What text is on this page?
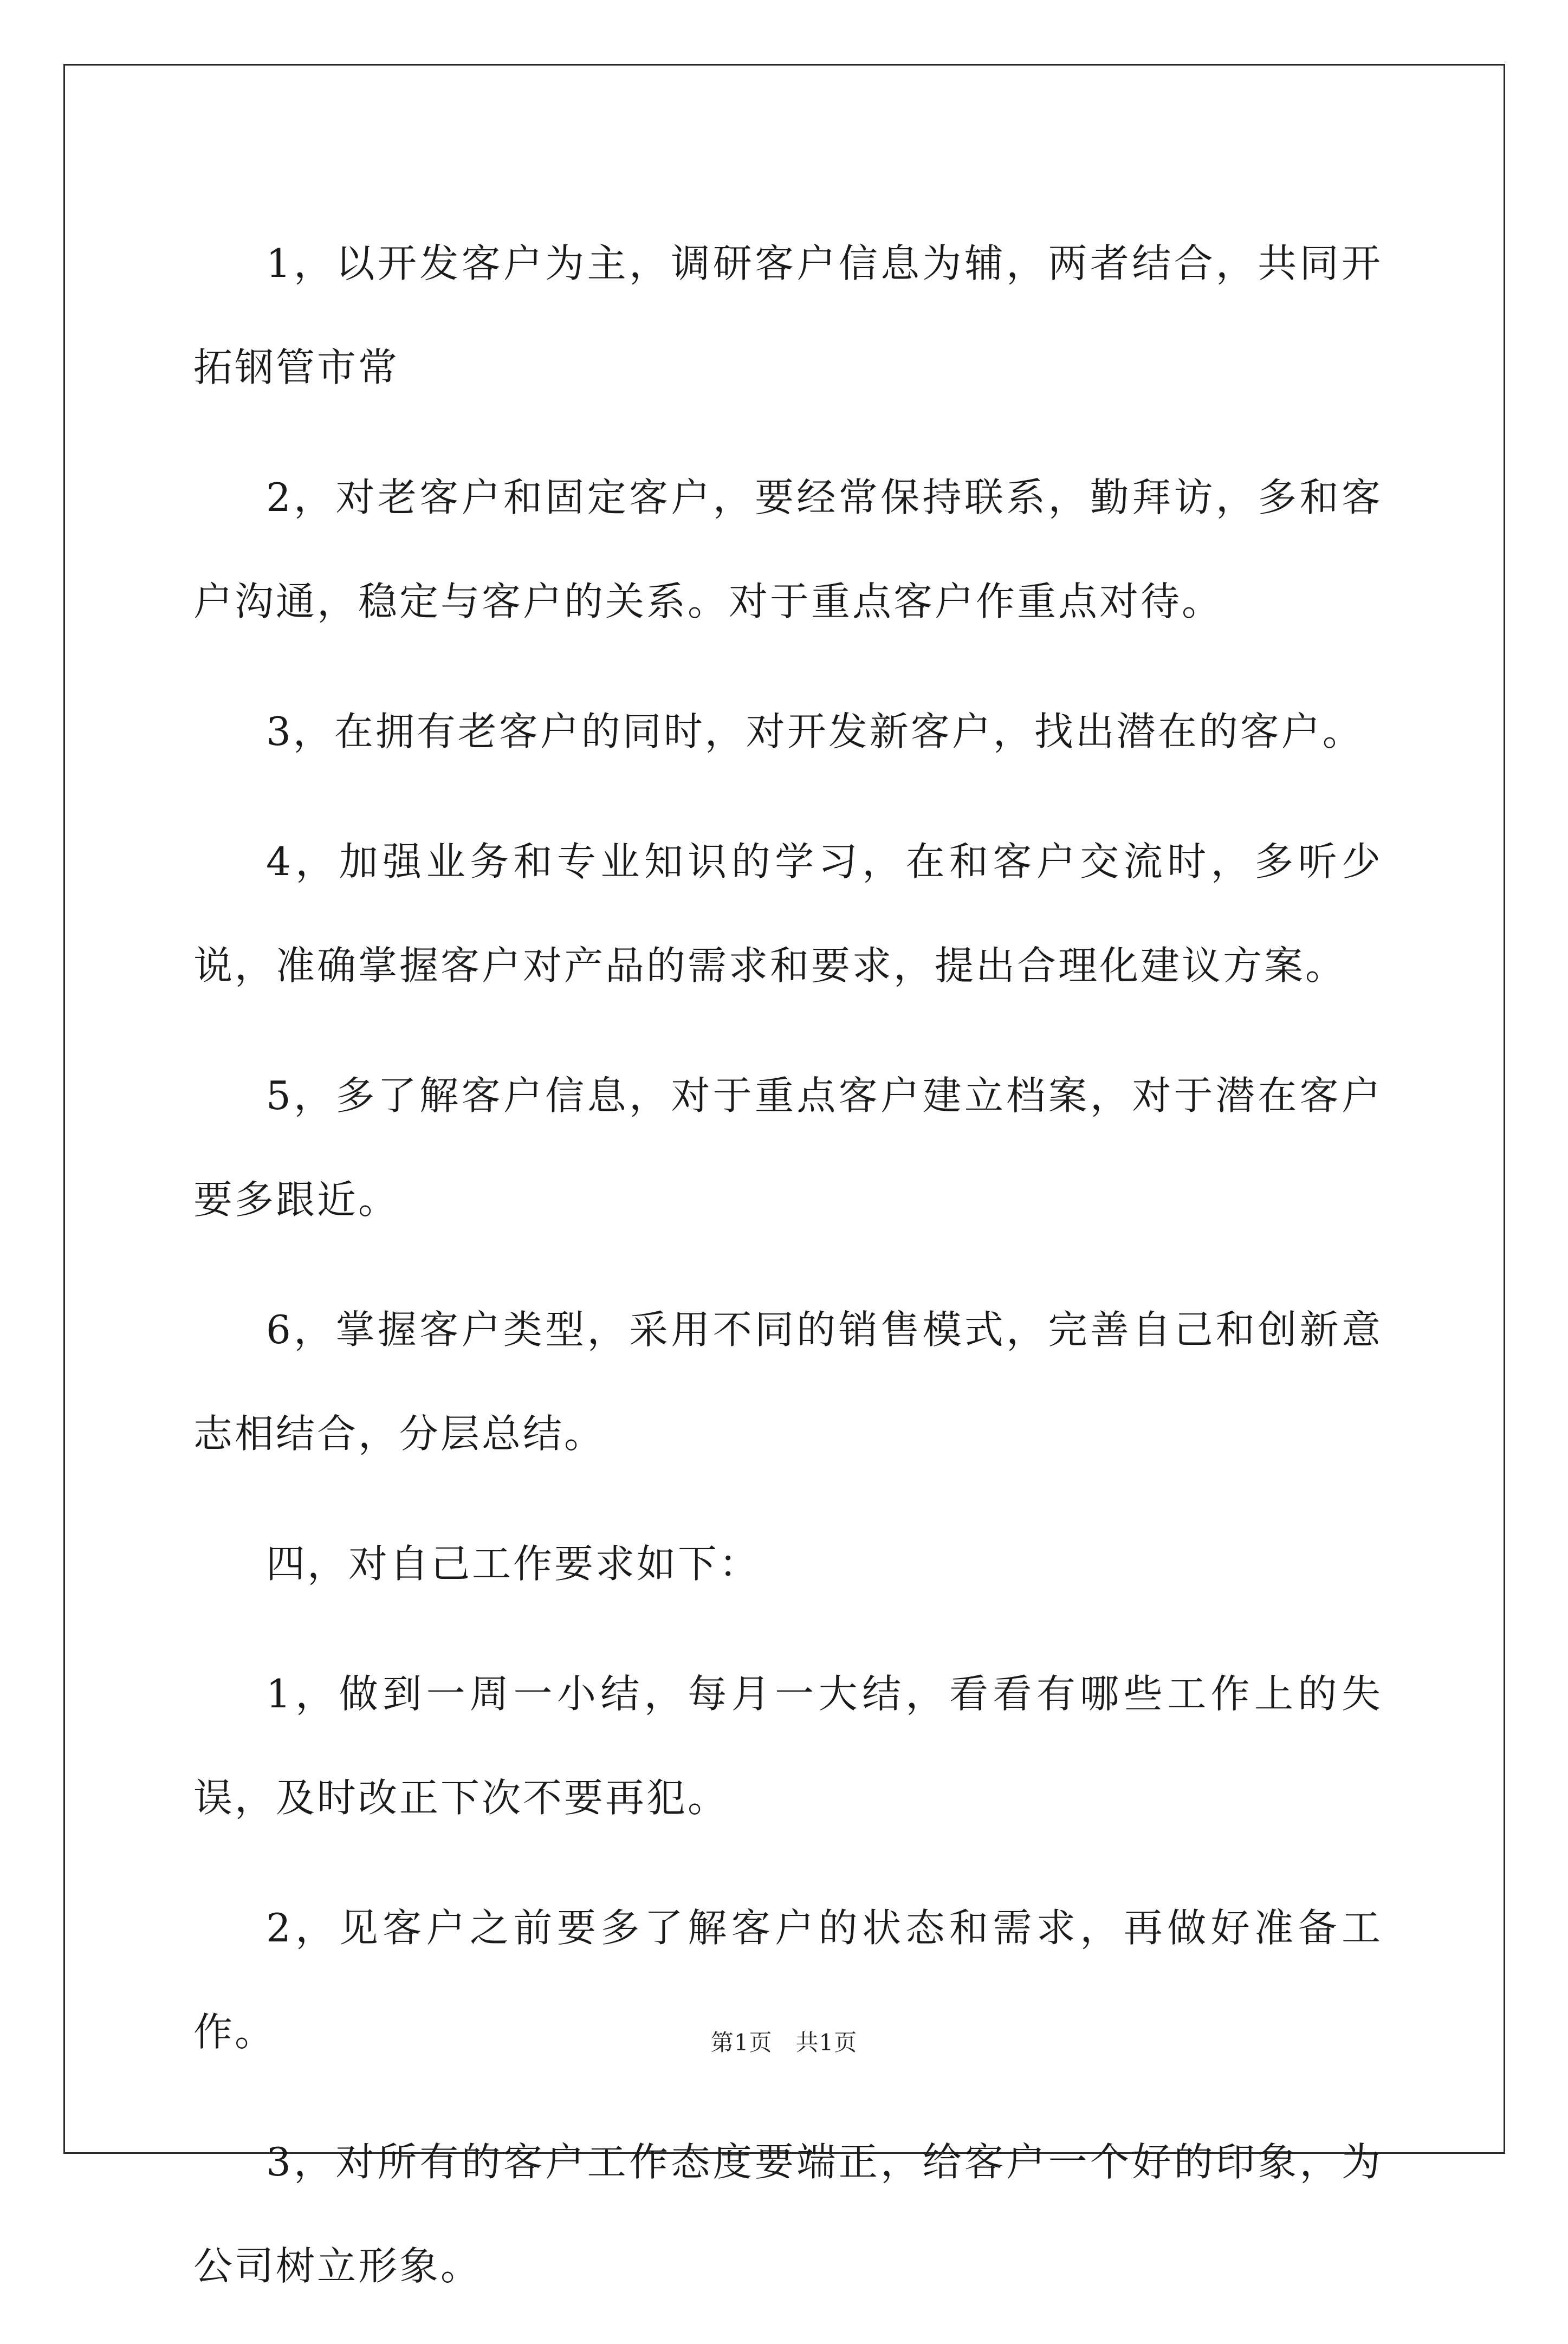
1，以开发客户为主，调研客户信息为辅，两者结合，共同开拓钢管市常

2，对老客户和固定客户，要经常保持联系，勤拜访，多和客户沟通，稳定与客户的关系。对于重点客户作重点对待。

3，在拥有老客户的同时，对开发新客户，找出潜在的客户。

4，加强业务和专业知识的学习，在和客户交流时，多听少说，准确掌握客户对产品的需求和要求，提出合理化建议方案。

5，多了解客户信息，对于重点客户建立档案，对于潜在客户要多跟近。

6，掌握客户类型，采用不同的销售模式，完善自己和创新意志相结合，分层总结。

四，对自己工作要求如下：

1，做到一周一小结，每月一大结，看看有哪些工作上的失误，及时改正下次不要再犯。

2，见客户之前要多了解客户的状态和需求，再做好准备工作。

3，对所有的客户工作态度要端正，给客户一个好的印象，为公司树立形象。

第1页　共1页
